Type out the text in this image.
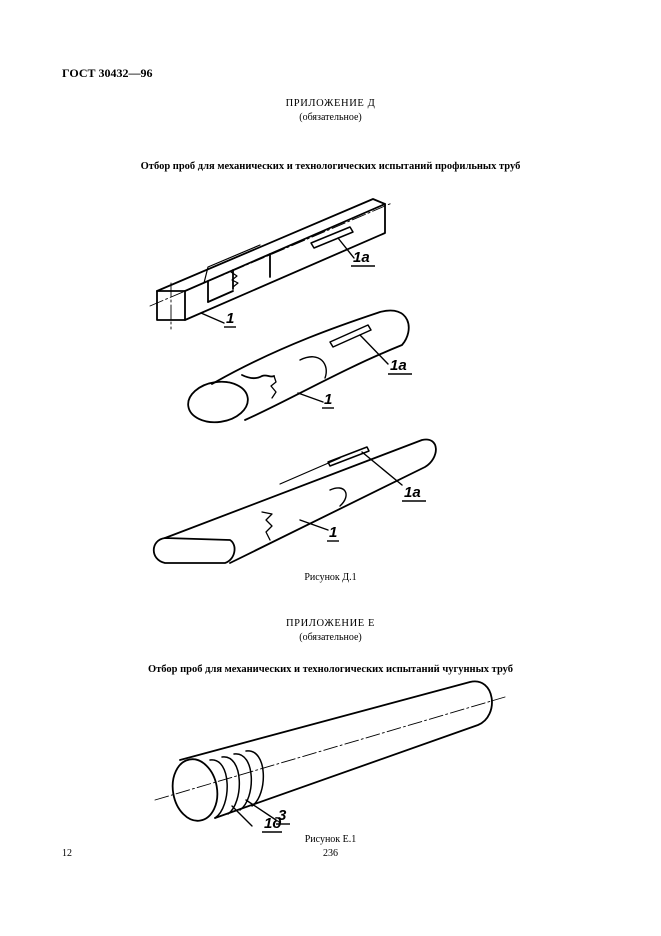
ГОСТ 30432—96
ПРИЛОЖЕНИЕ Д
(обязательное)
Отбор проб для механических и технологических испытаний профильных труб
1
1а
1
1а
1
1а
3
1д
Рисунок Д.1
ПРИЛОЖЕНИЕ Е
(обязательное)
Отбор проб для механических и технологических испытаний чугунных труб
Рисунок Е.1
12	236
